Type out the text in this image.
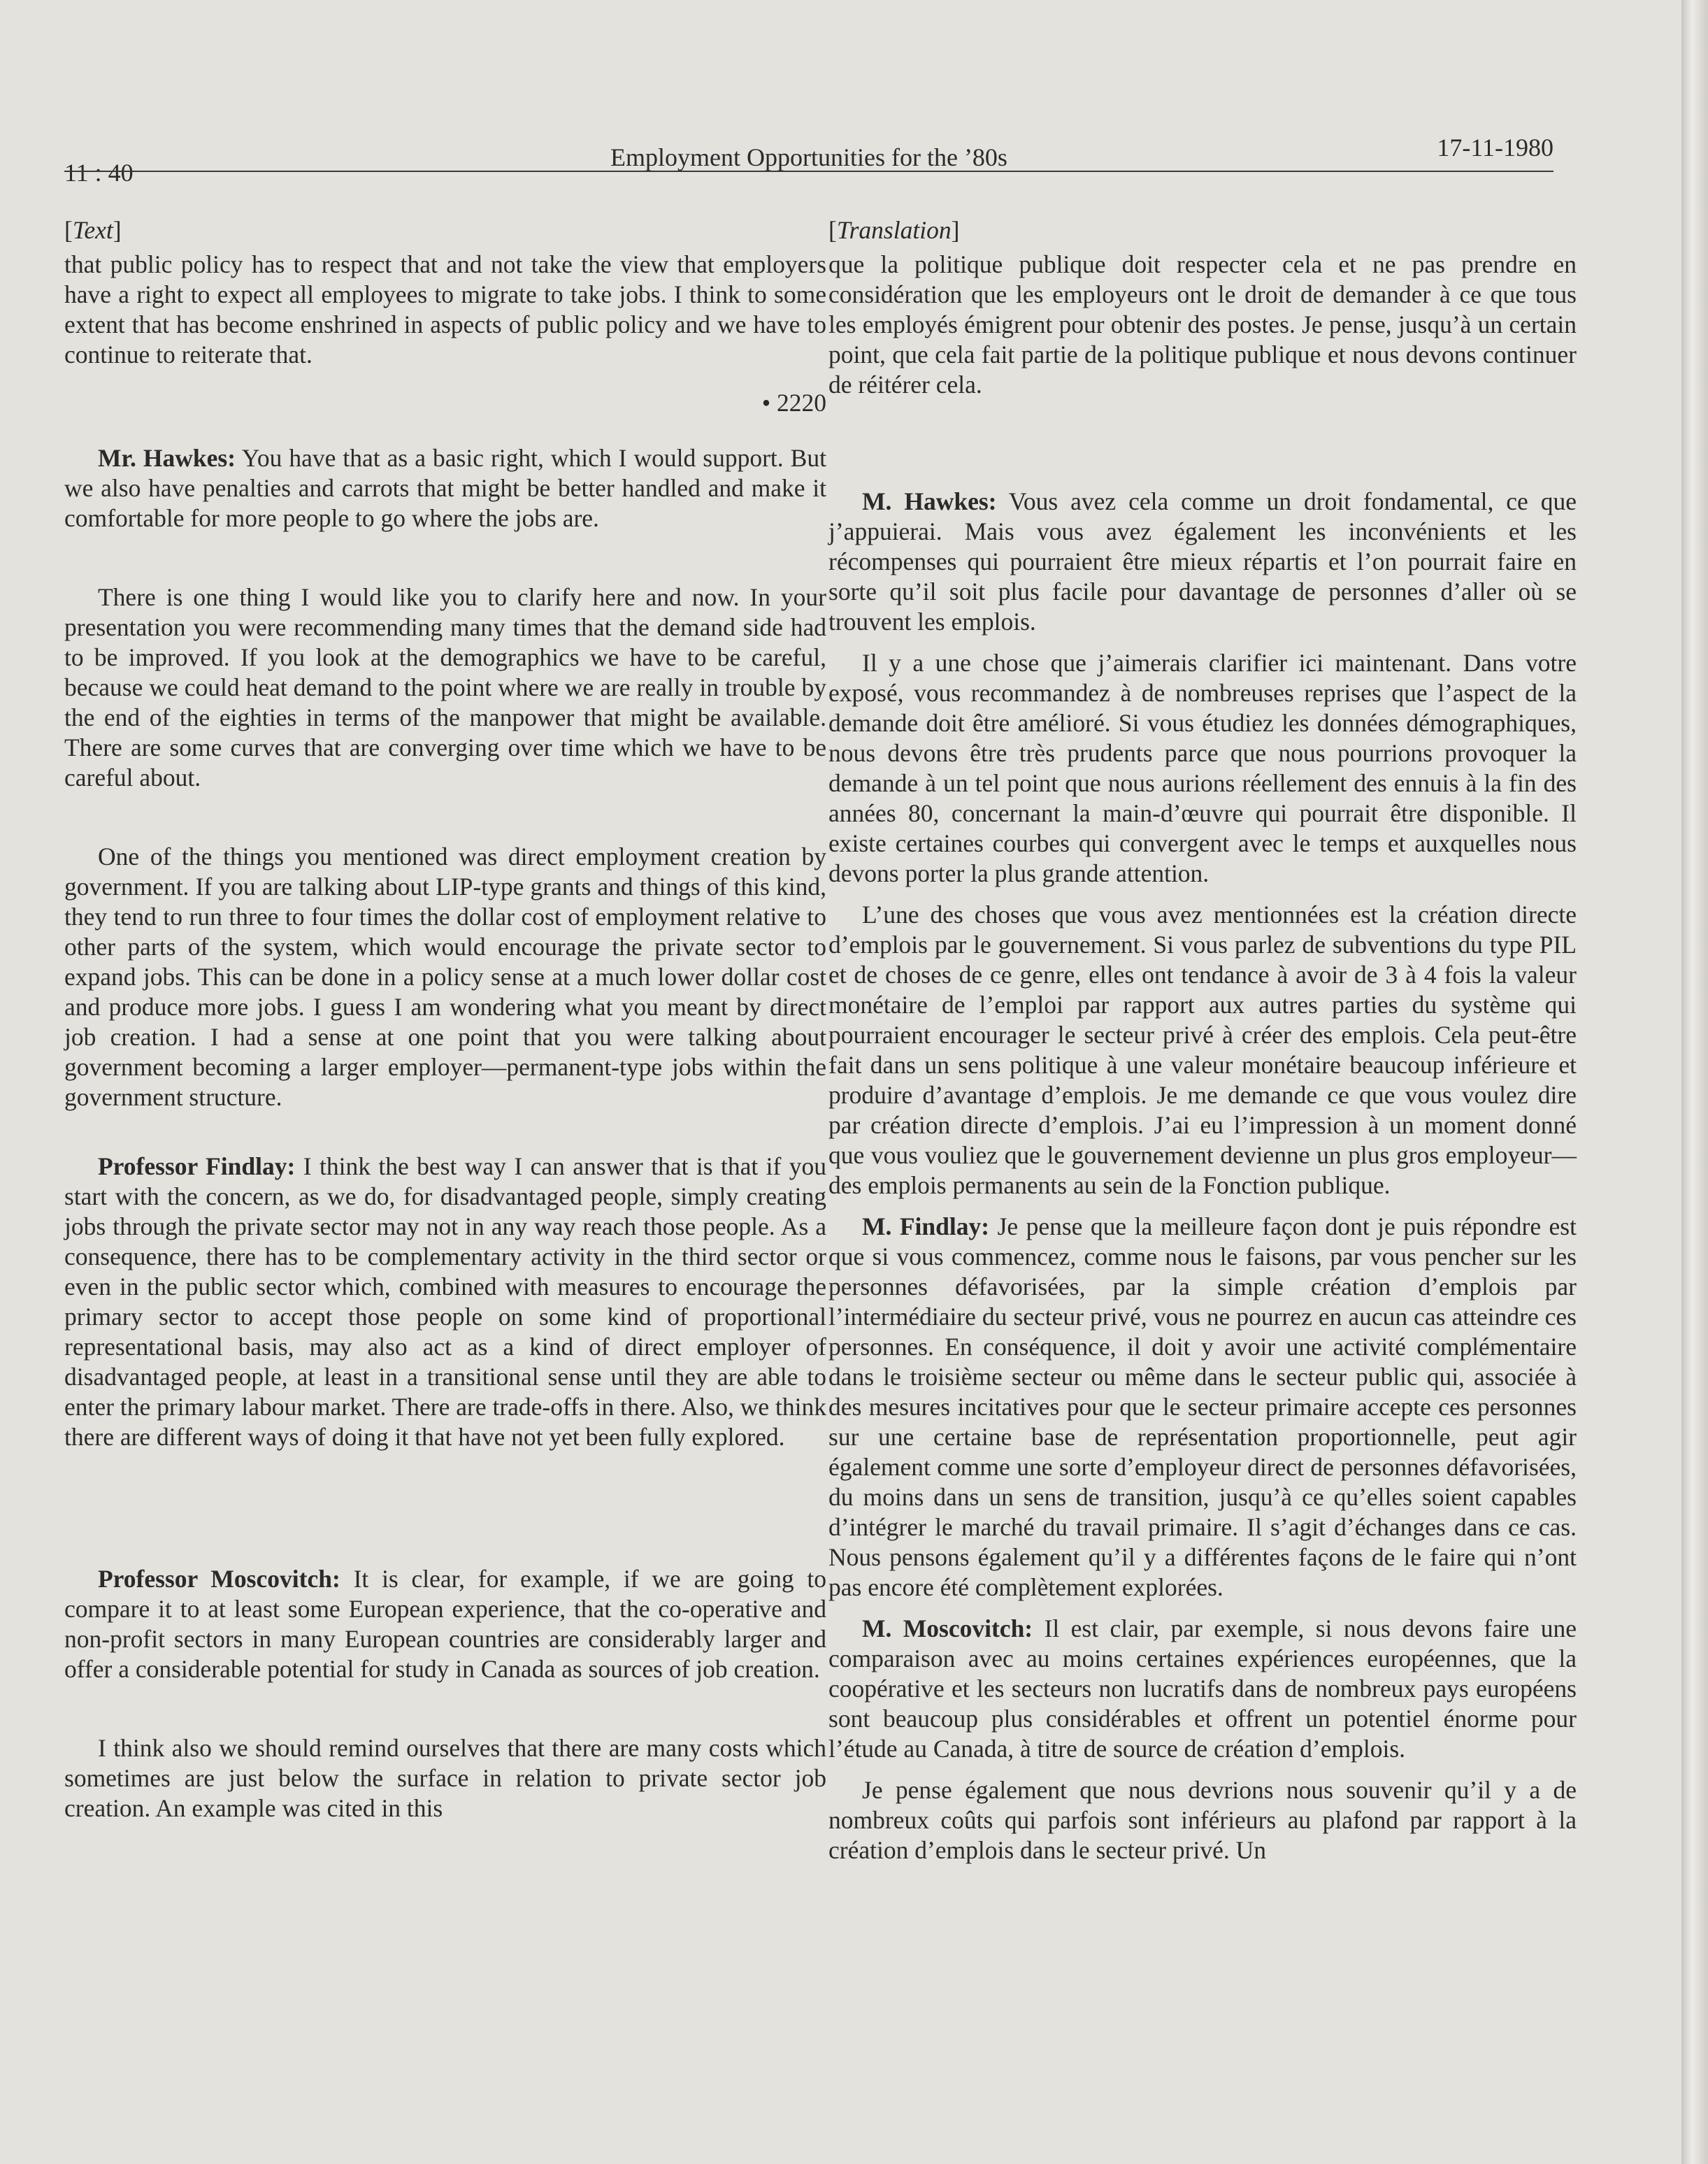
11 : 40
Employment Opportunities for the ’80s	17-11-1980

[Text]

that public policy has to respect that and not take the view that employers have a right to expect all employees to migrate to take jobs. I think to some extent that has become enshrined in aspects of public policy and we have to continue to reiterate that.

• 2220

Mr. Hawkes: You have that as a basic right, which I would support. But we also have penalties and carrots that might be better handled and make it comfortable for more people to go where the jobs are.

There is one thing I would like you to clarify here and now. In your presentation you were recommending many times that the demand side had to be improved. If you look at the demographics we have to be careful, because we could heat demand to the point where we are really in trouble by the end of the eighties in terms of the manpower that might be available. There are some curves that are converging over time which we have to be careful about.

One of the things you mentioned was direct employment creation by government. If you are talking about LIP-type grants and things of this kind, they tend to run three to four times the dollar cost of employment relative to other parts of the system, which would encourage the private sector to expand jobs. This can be done in a policy sense at a much lower dollar cost and produce more jobs. I guess I am wondering what you meant by direct job creation. I had a sense at one point that you were talking about government becoming a larger employer—permanent-type jobs within the government structure.

Professor Findlay: I think the best way I can answer that is that if you start with the concern, as we do, for disadvantaged people, simply creating jobs through the private sector may not in any way reach those people. As a consequence, there has to be complementary activity in the third sector or even in the public sector which, combined with measures to encourage the primary sector to accept those people on some kind of proportional representational basis, may also act as a kind of direct employer of disadvantaged people, at least in a transitional sense until they are able to enter the primary labour market. There are trade-offs in there. Also, we think there are different ways of doing it that have not yet been fully explored.

Professor Moscovitch: It is clear, for example, if we are going to compare it to at least some European experience, that the co-operative and non-profit sectors in many European countries are considerably larger and offer a considerable potential for study in Canada as sources of job creation.

I think also we should remind ourselves that there are many costs which sometimes are just below the surface in relation to private sector job creation. An example was cited in this

[Translation]

que la politique publique doit respecter cela et ne pas prendre en considération que les employeurs ont le droit de demander à ce que tous les employés émigrent pour obtenir des postes. Je pense, jusqu’à un certain point, que cela fait partie de la politique publique et nous devons continuer de réitérer cela.

M. Hawkes: Vous avez cela comme un droit fondamental, ce que j’appuierai. Mais vous avez également les inconvénients et les récompenses qui pourraient être mieux répartis et l’on pourrait faire en sorte qu’il soit plus facile pour davantage de personnes d’aller où se trouvent les emplois.

Il y a une chose que j’aimerais clarifier ici maintenant. Dans votre exposé, vous recommandez à de nombreuses reprises que l’aspect de la demande doit être amélioré. Si vous étudiez les données démographiques, nous devons être très prudents parce que nous pourrions provoquer la demande à un tel point que nous aurions réellement des ennuis à la fin des années 80, concernant la main-d’œuvre qui pourrait être disponible. Il existe certaines courbes qui convergent avec le temps et auxquelles nous devons porter la plus grande attention.

L’une des choses que vous avez mentionnées est la création directe d’emplois par le gouvernement. Si vous parlez de subventions du type PIL et de choses de ce genre, elles ont tendance à avoir de 3 à 4 fois la valeur monétaire de l’emploi par rapport aux autres parties du système qui pourraient encourager le secteur privé à créer des emplois. Cela peut-être fait dans un sens politique à une valeur monétaire beaucoup inférieure et produire d’avantage d’emplois. Je me demande ce que vous voulez dire par création directe d’emplois. J’ai eu l’impression à un moment donné que vous vouliez que le gouvernement devienne un plus gros employeur—des emplois permanents au sein de la Fonction publique.

M. Findlay: Je pense que la meilleure façon dont je puis répondre est que si vous commencez, comme nous le faisons, par vous pencher sur les personnes défavorisées, par la simple création d’emplois par l’intermédiaire du secteur privé, vous ne pourrez en aucun cas atteindre ces personnes. En conséquence, il doit y avoir une activité complémentaire dans le troisième secteur ou même dans le secteur public qui, associée à des mesures incitatives pour que le secteur primaire accepte ces personnes sur une certaine base de représentation proportionnelle, peut agir également comme une sorte d’employeur direct de personnes défavorisées, du moins dans un sens de transition, jusqu’à ce qu’elles soient capables d’intégrer le marché du travail primaire. Il s’agit d’échanges dans ce cas. Nous pensons également qu’il y a différentes façons de le faire qui n’ont pas encore été complètement explorées.

M. Moscovitch: Il est clair, par exemple, si nous devons faire une comparaison avec au moins certaines expériences européennes, que la coopérative et les secteurs non lucratifs dans de nombreux pays européens sont beaucoup plus considérables et offrent un potentiel énorme pour l’étude au Canada, à titre de source de création d’emplois.

Je pense également que nous devrions nous souvenir qu’il y a de nombreux coûts qui parfois sont inférieurs au plafond par rapport à la création d’emplois dans le secteur privé. Un
